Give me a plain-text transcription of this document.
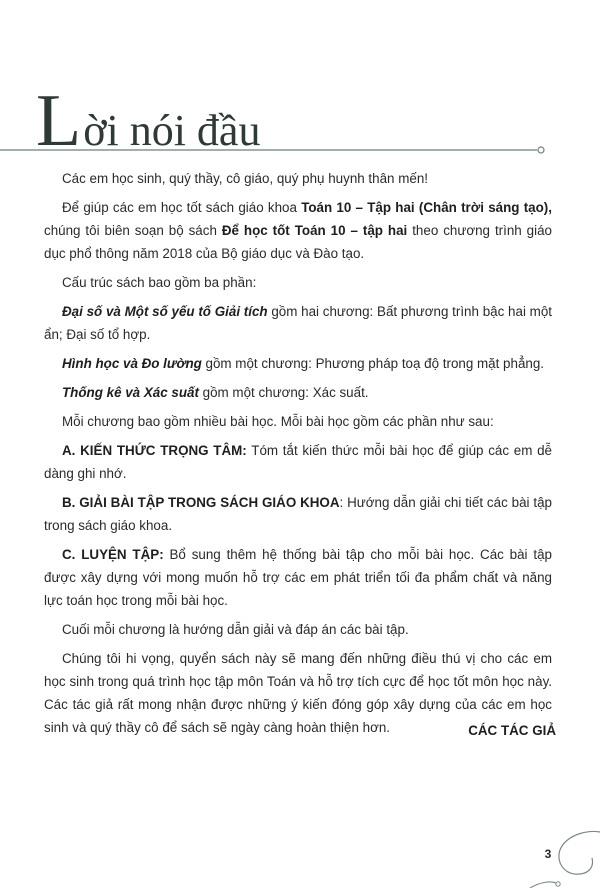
Lời nói đầu

Các em học sinh, quý thầy, cô giáo, quý phụ huynh thân mến!

Để giúp các em học tốt sách giáo khoa Toán 10 – Tập hai (Chân trời sáng tạo), chúng tôi biên soạn bộ sách Để học tốt Toán 10 – tập hai theo chương trình giáo dục phổ thông năm 2018 của Bộ giáo dục và Đào tạo.

Cấu trúc sách bao gồm ba phần:

Đại số và Một số yếu tố Giải tích gồm hai chương: Bất phương trình bậc hai một ẩn; Đại số tổ hợp.

Hình học và Đo lường gồm một chương: Phương pháp toạ độ trong mặt phẳng.

Thống kê và Xác suất gồm một chương: Xác suất.

Mỗi chương bao gồm nhiều bài học. Mỗi bài học gồm các phần như sau:

A. KIẾN THỨC TRỌNG TÂM: Tóm tắt kiến thức mỗi bài học để giúp các em dễ dàng ghi nhớ.

B. GIẢI BÀI TẬP TRONG SÁCH GIÁO KHOA: Hướng dẫn giải chi tiết các bài tập trong sách giáo khoa.

C. LUYỆN TẬP: Bổ sung thêm hệ thống bài tập cho mỗi bài học. Các bài tập được xây dựng với mong muốn hỗ trợ các em phát triển tối đa phẩm chất và năng lực toán học trong mỗi bài học.

Cuối mỗi chương là hướng dẫn giải và đáp án các bài tập.

Chúng tôi hi vọng, quyển sách này sẽ mang đến những điều thú vị cho các em học sinh trong quá trình học tập môn Toán và hỗ trợ tích cực để học tốt môn học này. Các tác giả rất mong nhận được những ý kiến đóng góp xây dựng của các em học sinh và quý thầy cô để sách sẽ ngày càng hoàn thiện hơn.	CÁC TÁC GIẢ
3
